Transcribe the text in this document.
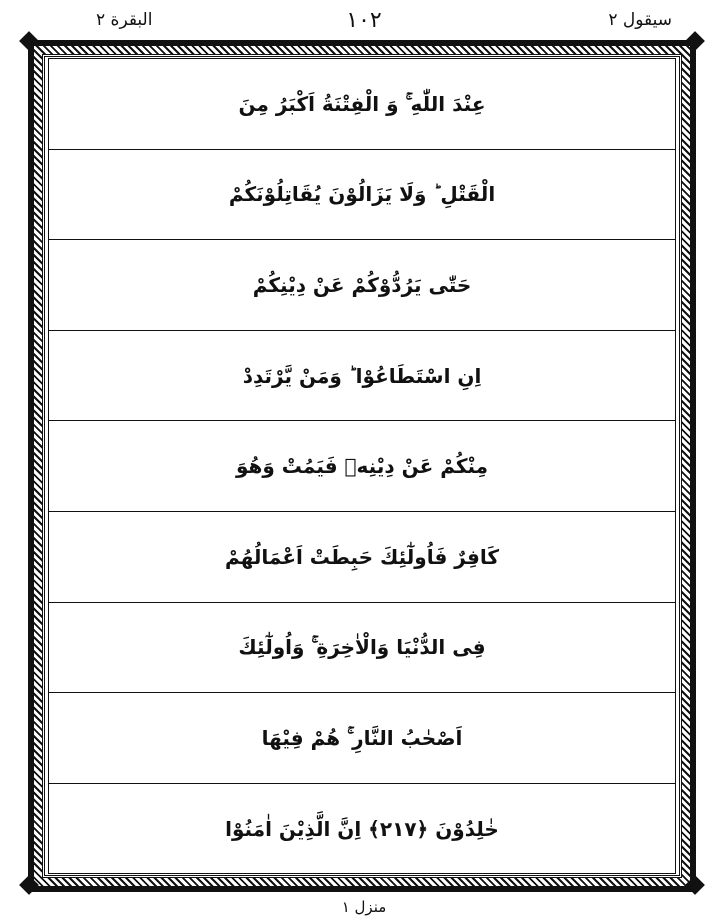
البقرة ۲	۱۰۲	سیقول ۲
عِنْدَ اللّٰهِ ۚ وَ الْفِتْنَةُ اَكْبَرُ مِنَ
الْقَتْلِ ؕ وَلَا يَزَالُوْنَ يُقَاتِلُوْنَكُمْ
حَتّٰى يَرُدُّوْكُمْ عَنْ دِيْنِكُمْ
اِنِ اسْتَطَاعُوْا ؕ وَمَنْ يَّرْتَدِدْ
مِنْكُمْ عَنْ دِيْنِهٖ فَيَمُتْ وَهُوَ
كَافِرٌ فَاُولٰٓئِكَ حَبِطَتْ اَعْمَالُهُمْ
فِى الدُّنْيَا وَالْاٰخِرَةِ ۚ وَاُولٰٓئِكَ
اَصْحٰبُ النَّارِ ۚ هُمْ فِيْهَا
خٰلِدُوْنَ ﴿۲۱۷﴾ اِنَّ الَّذِيْنَ اٰمَنُوْا
منزل ۱
